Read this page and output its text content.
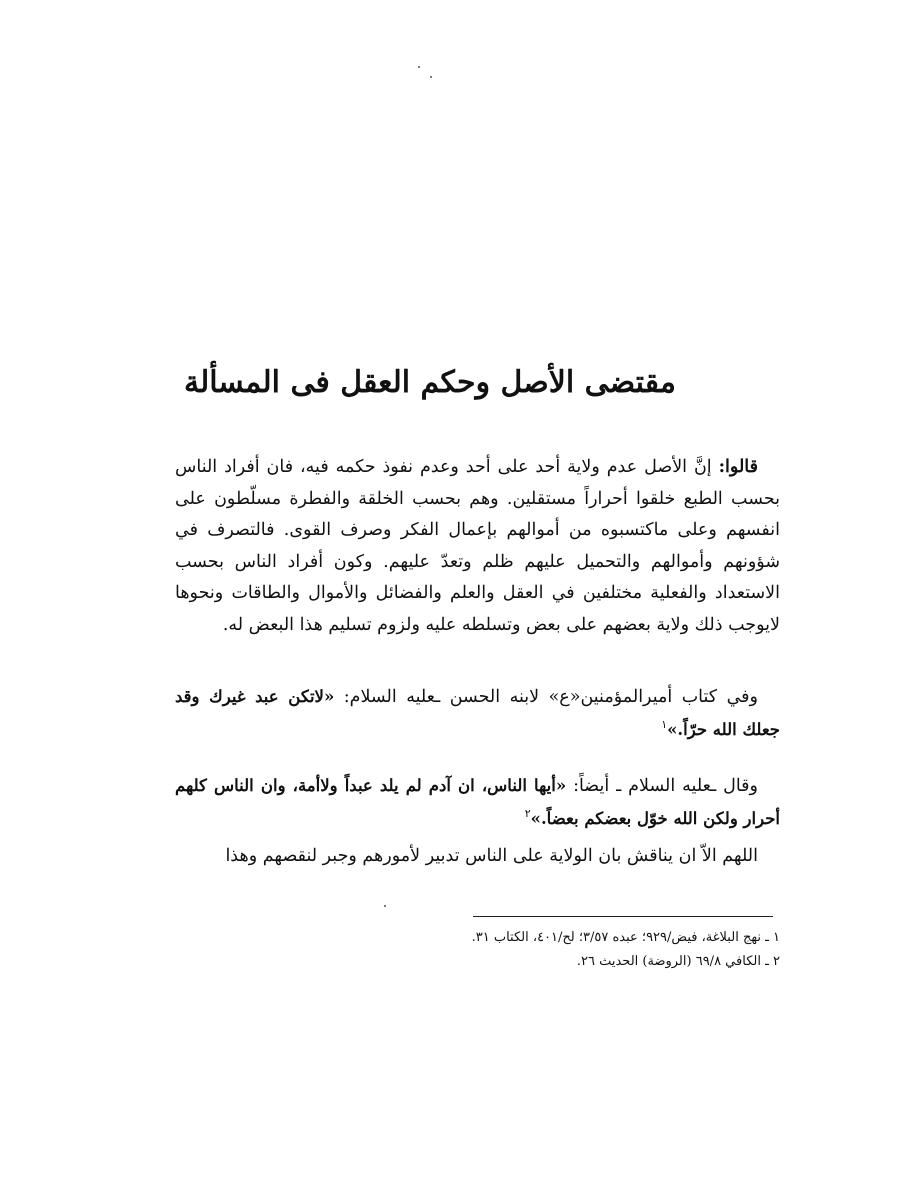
مقتضى الأصل وحكم العقل فى المسألة
قالوا: إنَّ الأصل عدم ولاية أحد على أحد وعدم نفوذ حكمه فيه، فان أفراد الناس بحسب الطبع خلقوا أحراراً مستقلين. وهم بحسب الخلقة والفطرة مسلّطون على انفسهم وعلى ماكتسبوه من أموالهم بإعمال الفكر وصرف القوى. فالتصرف في شؤونهم وأموالهم والتحميل عليهم ظلم وتعدّ عليهم. وكون أفراد الناس بحسب الاستعداد والفعلية مختلفين في العقل والعلم والفضائل والأموال والطاقات ونحوها لايوجب ذلك ولاية بعضهم على بعض وتسلطه عليه ولزوم تسليم هذا البعض له.
وفي كتاب أميرالمؤمنين«ع» لابنه الحسن ـعليه السلام: «لاتكن عبد غيرك وقد جعلك الله حرّاً.»$^١$
وقال ـعليه السلام ـ أيضاً: «أيها الناس، ان آدم لم يلد عبداً ولاأمة، وان الناس كلهم أحرار ولكن الله خوّل بعضكم بعضاً.»$^٢$
اللهم الاّ ان يناقش بان الولاية على الناس تدبير لأمورهم وجبر لنقصهم وهذا
١ ـ نهج البلاغة، فيض/٩٢٩؛ عبده ٣/٥٧؛ لح/٤٠١، الكتاب ٣١.
٢ ـ الكافي ٦٩/٨ (الروضة) الحديث ٢٦.
